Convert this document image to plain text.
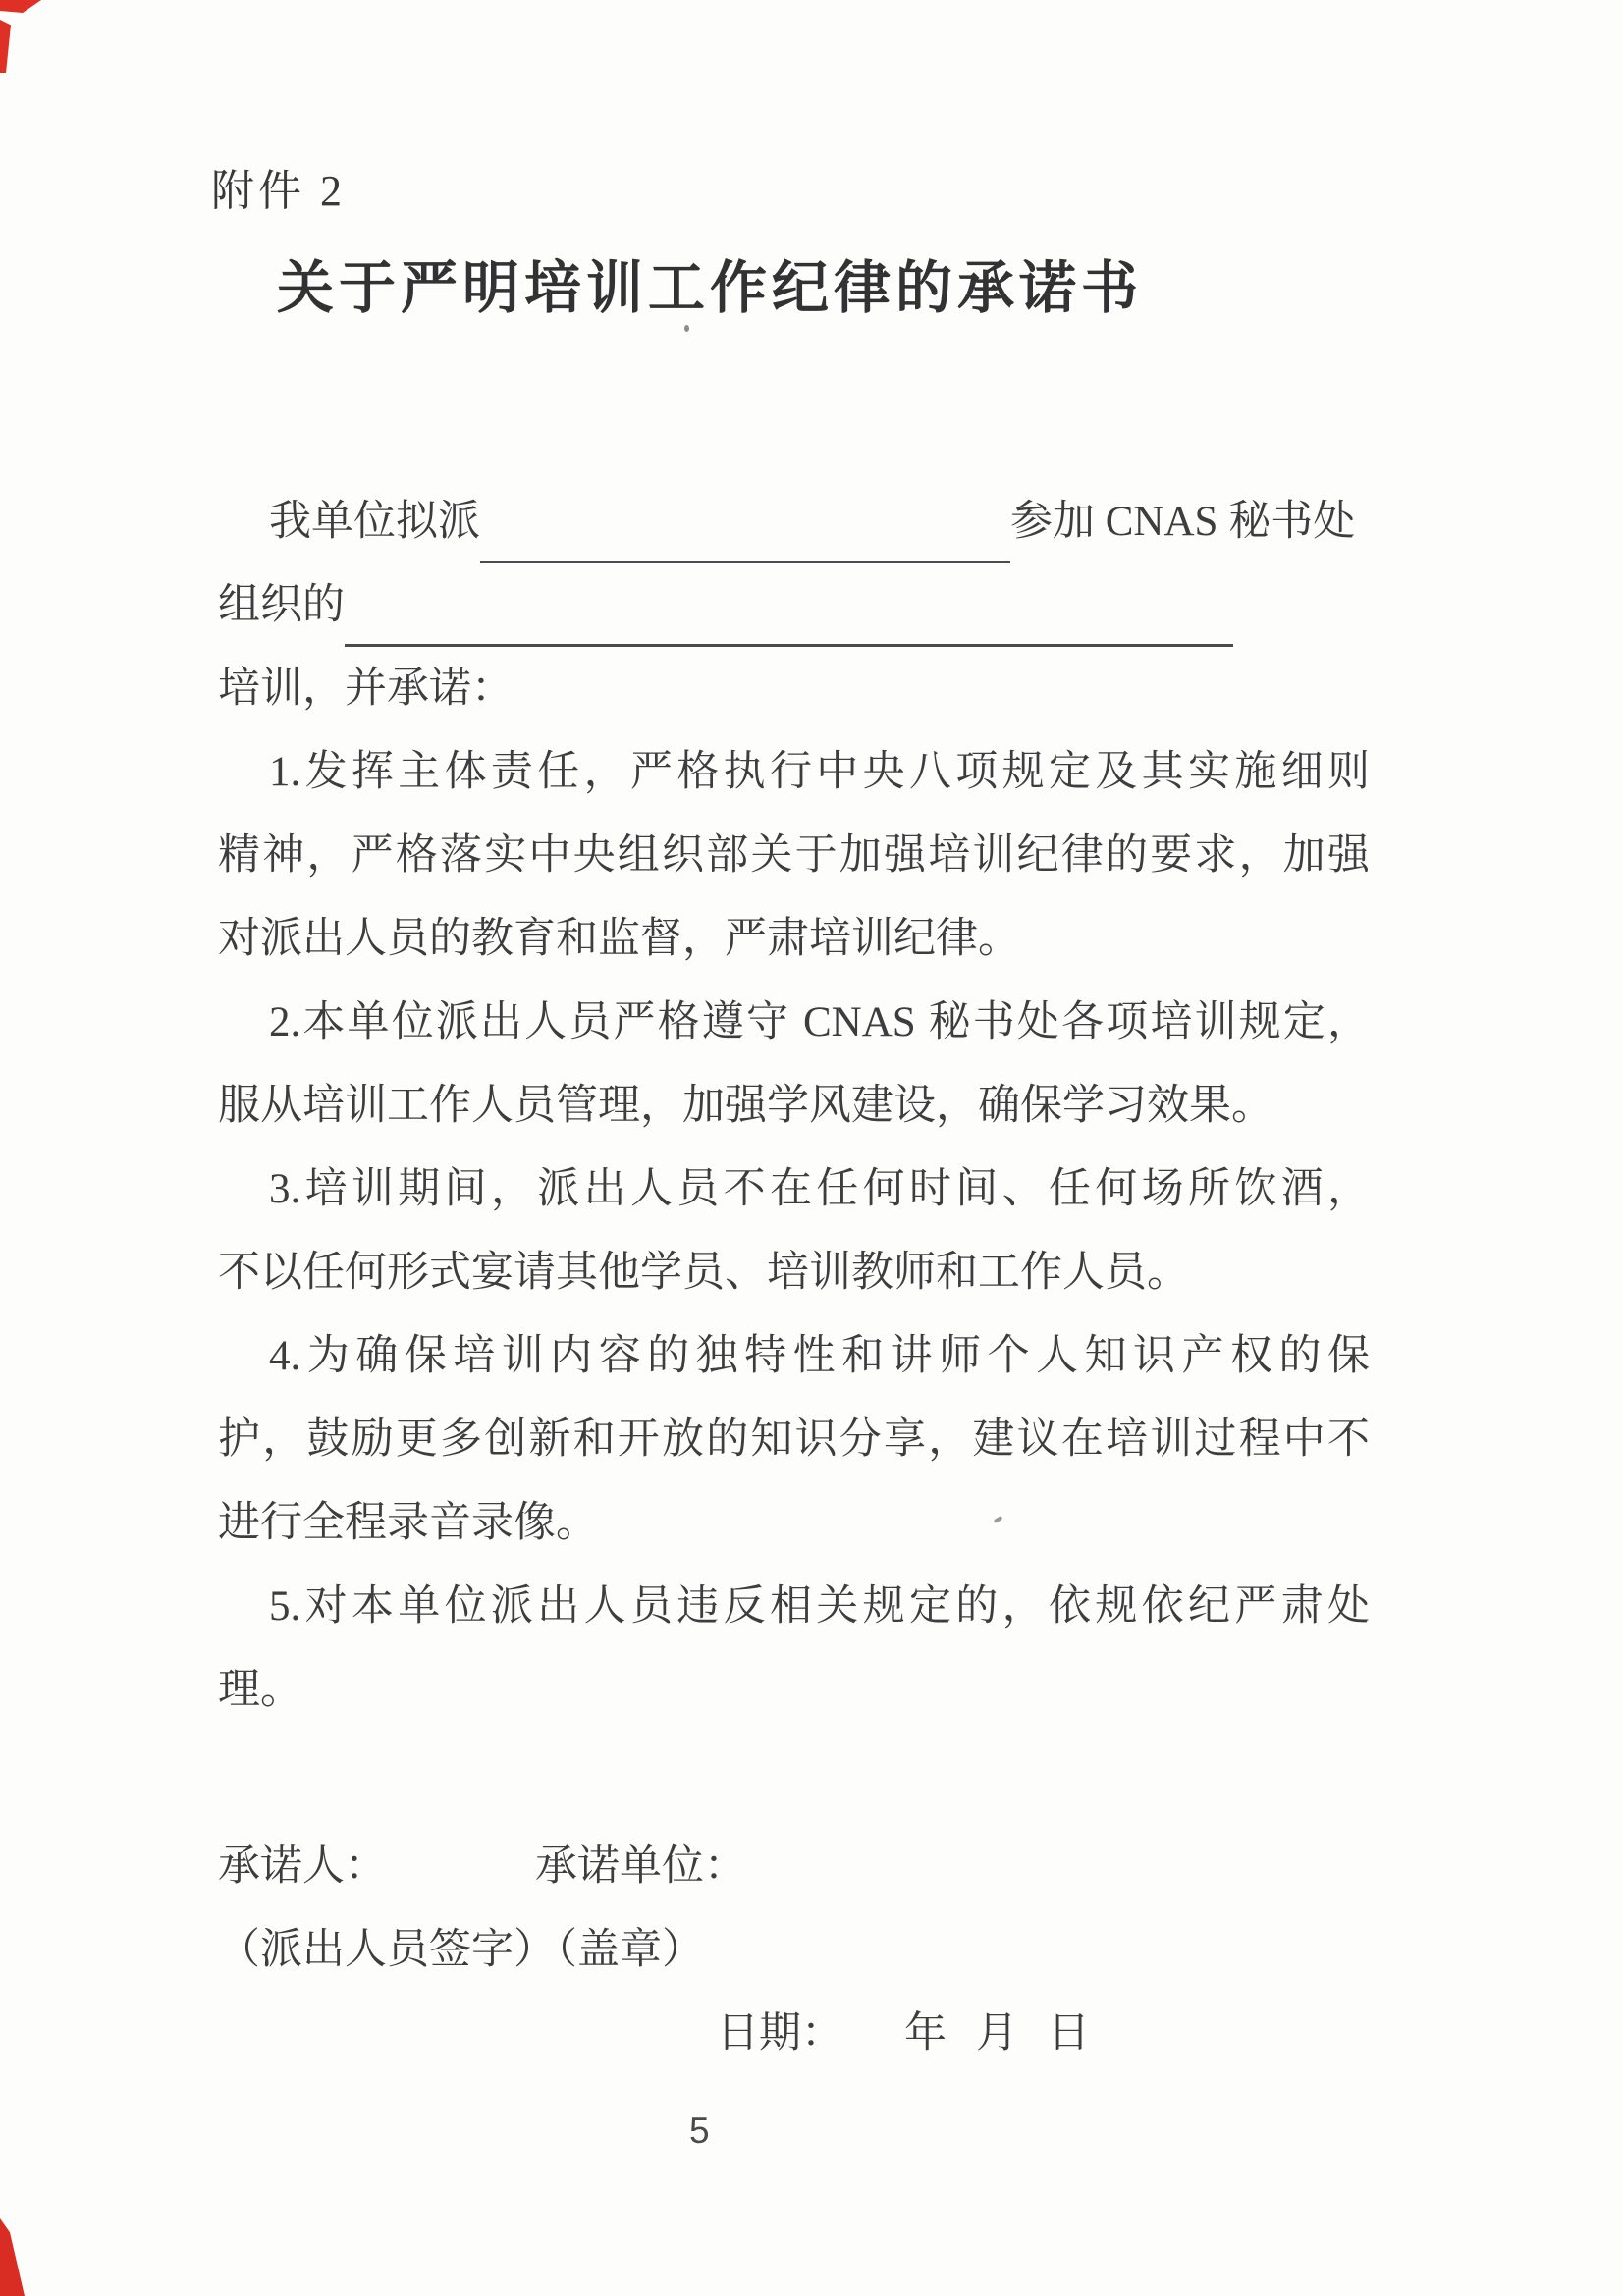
附件 2
关于严明培训工作纪律的承诺书
我单位拟派	参加 CNAS 秘书处
组织的
培训，并承诺：
1.发挥主体责任，严格执行中央八项规定及其实施细则
精神，严格落实中央组织部关于加强培训纪律的要求，加强
对派出人员的教育和监督，严肃培训纪律。
2.本单位派出人员严格遵守 CNAS 秘书处各项培训规定，
服从培训工作人员管理，加强学风建设，确保学习效果。
3.培训期间，派出人员不在任何时间、任何场所饮酒，
不以任何形式宴请其他学员、培训教师和工作人员。
4.为确保培训内容的独特性和讲师个人知识产权的保
护，鼓励更多创新和开放的知识分享，建议在培训过程中不
进行全程录音录像。
5.对本单位派出人员违反相关规定的，依规依纪严肃处
理。
承诺人：	承诺单位：
（派出人员签字）
（盖章）
日期： 年 月 日
5
